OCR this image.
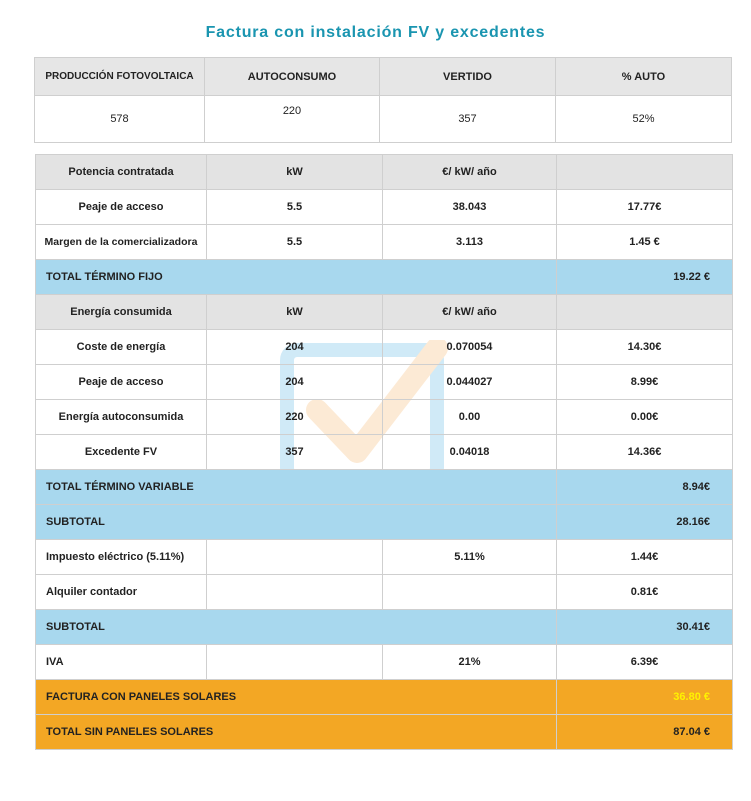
Factura con instalación FV y excedentes
PRODUCCIÓN FOTOVOLTAICA	AUTOCONSUMO	VERTIDO	% AUTO
578	220	357	52%
Potencia contratada	kW	€/ kW/ año	
Peaje de acceso	5.5	38.043	17.77€
Margen de la comercializadora	5.5	3.113	1.45 €
TOTAL TÉRMINO FIJO			19.22 €
Energía consumida	kW	€/ kW/ año	
Coste de energía	204	0.070054	14.30€
Peaje de acceso	204	0.044027	8.99€
Energía autoconsumida	220	0.00	0.00€
Excedente FV	357	0.04018	14.36€
TOTAL TÉRMINO VARIABLE			8.94€
SUBTOTAL			28.16€
Impuesto eléctrico (5.11%)		5.11%	1.44€
Alquiler contador			0.81€
SUBTOTAL			30.41€
IVA		21%	6.39€
FACTURA CON PANELES SOLARES			36.80 €
TOTAL SIN PANELES SOLARES			87.04 €
